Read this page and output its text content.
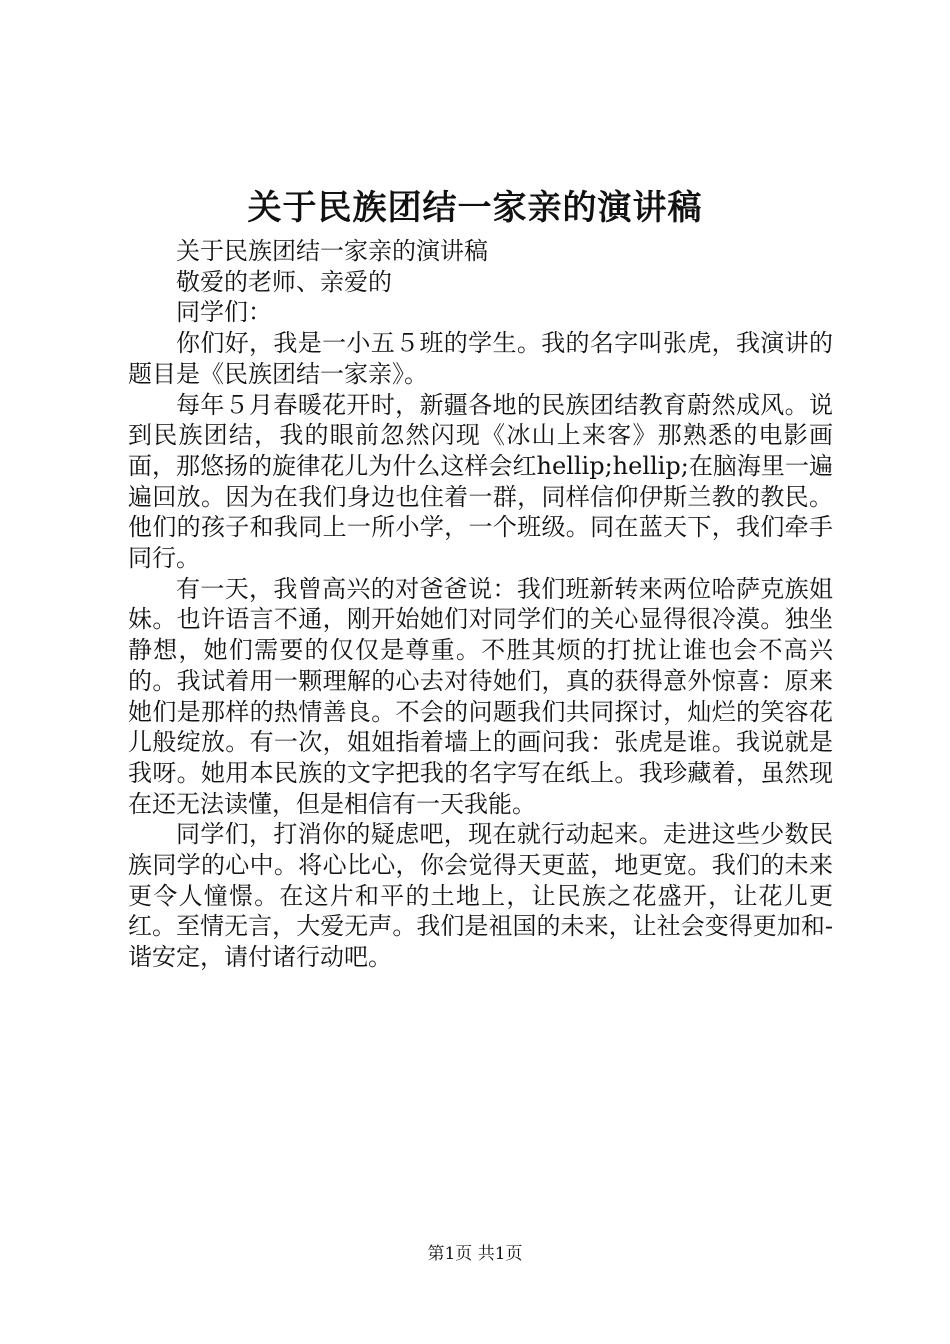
关于民族团结一家亲的演讲稿

关于民族团结一家亲的演讲稿

敬爱的老师、亲爱的

同学们：

你们好，我是一小五５班的学生。我的名字叫张虎，我演讲的题目是《民族团结一家亲》。

每年５月春暖花开时，新疆各地的民族团结教育蔚然成风。说到民族团结，我的眼前忽然闪现《冰山上来客》那熟悉的电影画面，那悠扬的旋律花儿为什么这样会红hellip;hellip;在脑海里一遍遍回放。因为在我们身边也住着一群，同样信仰伊斯兰教的教民。他们的孩子和我同上一所小学，一个班级。同在蓝天下，我们牵手同行。

有一天，我曾高兴的对爸爸说：我们班新转来两位哈萨克族姐妹。也许语言不通，刚开始她们对同学们的关心显得很冷漠。独坐静想，她们需要的仅仅是尊重。不胜其烦的打扰让谁也会不高兴的。我试着用一颗理解的心去对待她们，真的获得意外惊喜：原来她们是那样的热情善良。不会的问题我们共同探讨，灿烂的笑容花儿般绽放。有一次，姐姐指着墙上的画问我：张虎是谁。我说就是我呀。她用本民族的文字把我的名字写在纸上。我珍藏着，虽然现在还无法读懂，但是相信有一天我能。

同学们，打消你的疑虑吧，现在就行动起来。走进这些少数民族同学的心中。将心比心，你会觉得天更蓝，地更宽。我们的未来更令人憧憬。在这片和平的土地上，让民族之花盛开，让花儿更红。至情无言，大爱无声。我们是祖国的未来，让社会变得更加和-谐安定，请付诸行动吧。

第1页 共1页
